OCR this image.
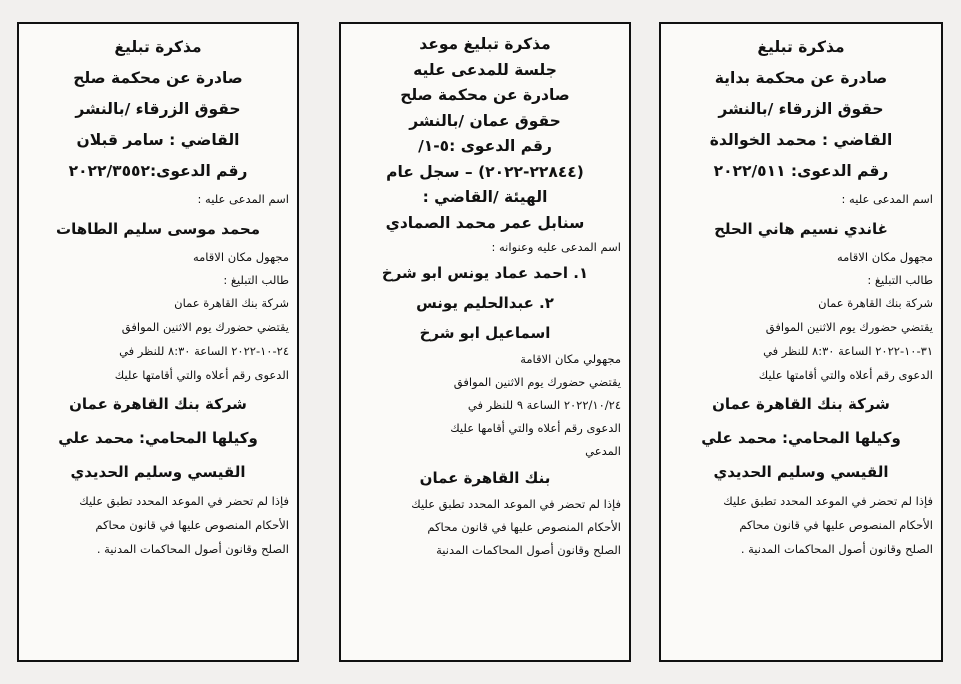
مذكرة تبليغ
صادرة عن محكمة بداية
حقوق الزرقاء /بالنشر
القاضي : محمد الخوالدة
رقم الدعوى: ٢٠٢٢/٥١١
اسم المدعى عليه :
غاندي نسيم هاني الحلح
مجهول مكان الاقامه
طالب التبليغ :
شركة بنك القاهرة عمان
يقتضي حضورك يوم الاثنين الموافق
٣١-١٠-٢٠٢٢ الساعة ٨:٣٠ للنظر في
الدعوى رقم أعلاه والتي أقامتها عليك
شركة بنك القاهرة عمان
وكيلها المحامي: محمد علي
القيسي وسليم الحديدي
فإذا لم تحضر في الموعد المحدد تطبق عليك
الأحكام المنصوص عليها في قانون محاكم
الصلح وقانون أصول المحاكمات المدنية .
مذكرة تبليغ موعد
جلسة للمدعى عليه
صادرة عن محكمة صلح
حقوق عمان /بالنشر
رقم الدعوى :٥-١/
(٢٢٨٤٤-٢٠٢٢) – سجل عام
الهيئة /القاضي :
سنابل عمر محمد الصمادي
اسم المدعى عليه وعنوانه :
١. احمد عماد يونس ابو شرخ
٢. عبدالحليم يونس
اسماعيل ابو شرخ
مجهولي مكان الاقامة
يقتضي حضورك يوم الاثنين الموافق
٢٠٢٢/١٠/٢٤ الساعة ٩ للنظر في
الدعوى رقم أعلاه والتي أقامها عليك
المدعي
بنك القاهرة عمان
فإذا لم تحضر في الموعد المحدد تطبق عليك
الأحكام المنصوص عليها في قانون محاكم
الصلح وقانون أصول المحاكمات المدنية
مذكرة تبليغ
صادرة عن محكمة صلح
حقوق الزرقاء /بالنشر
القاضي : سامر قبلان
رقم الدعوى:٢٠٢٢/٣٥٥٢
اسم المدعى عليه :
محمد موسى سليم الطاهات
مجهول مكان الاقامه
طالب التبليغ :
شركة بنك القاهرة عمان
يقتضي حضورك يوم الاثنين الموافق
٢٤-١٠-٢٠٢٢ الساعة ٨:٣٠ للنظر في
الدعوى رقم أعلاه والتي أقامتها عليك
شركة بنك القاهرة عمان
وكيلها المحامي: محمد علي
القيسي وسليم الحديدي
فإذا لم تحضر في الموعد المحدد تطبق عليك
الأحكام المنصوص عليها في قانون محاكم
الصلح وقانون أصول المحاكمات المدنية .
